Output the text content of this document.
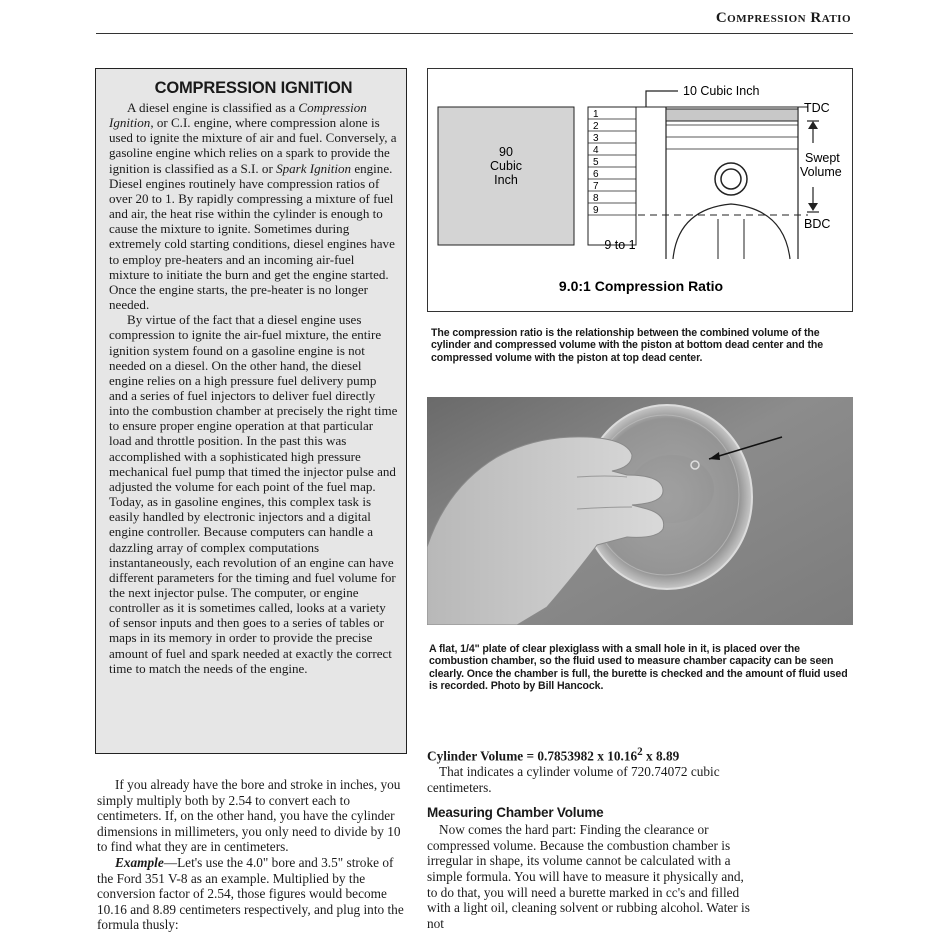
Compression Ratio
COMPRESSION IGNITION

A diesel engine is classified as a Compression Ignition, or C.I. engine, where compression alone is used to ignite the mixture of air and fuel. Conversely, a gasoline engine which relies on a spark to provide the ignition is classified as a S.I. or Spark Ignition engine. Diesel engines routinely have compression ratios of over 20 to 1. By rapidly compressing a mixture of fuel and air, the heat rise within the cylinder is enough to cause the mixture to ignite. Sometimes during extremely cold starting conditions, diesel engines have to employ pre-heaters and an incoming air-fuel mixture to initiate the burn and get the engine started. Once the engine starts, the pre-heater is no longer needed.

By virtue of the fact that a diesel engine uses compression to ignite the air-fuel mixture, the entire ignition system found on a gasoline engine is not needed on a diesel. On the other hand, the diesel engine relies on a high pressure fuel delivery pump and a series of fuel injectors to deliver fuel directly into the combustion chamber at precisely the right time to ensure proper engine operation at that particular load and throttle position. In the past this was accomplished with a sophisticated high pressure mechanical fuel pump that timed the injector pulse and adjusted the volume for each point of the fuel map. Today, as in gasoline engines, this complex task is easily handled by electronic injectors and a digital engine controller. Because computers can handle a dazzling array of complex computations instantaneously, each revolution of an engine can have different parameters for the timing and fuel volume for the next injector pulse. The computer, or engine controller as it is sometimes called, looks at a variety of sensor inputs and then goes to a series of tables or maps in its memory in order to provide the precise amount of fuel and spark needed at exactly the correct time to match the needs of the engine.

1
2
3
4
5
6
7
8
9
10 Cubic Inch
TDC
BDC
Swept
Volume
90
Cubic
Inch
9 to 1
9.0:1 Compression Ratio
The compression ratio is the relationship between the combined volume of the cylinder and compressed volume with the piston at bottom dead center and the compressed volume with the piston at top dead center.
A flat, 1/4" plate of clear plexiglass with a small hole in it, is placed over the combustion chamber, so the fluid used to measure chamber capacity can be seen clearly. Once the chamber is full, the burette is checked and the amount of fluid used is recorded. Photo by Bill Hancock.

If you already have the bore and stroke in inches, you simply multiply both by 2.54 to convert each to centimeters. If, on the other hand, you have the cylinder dimensions in millimeters, you only need to divide by 10 to find what they are in centimeters.

Example—Let's use the 4.0" bore and 3.5" stroke of the Ford 351 V-8 as an example. Multiplied by the conversion factor of 2.54, those figures would become 10.16 and 8.89 centimeters respectively, and plug into the formula thusly:

Cylinder Volume = 0.7853982 x 10.16$^2$ x 8.89

That indicates a cylinder volume of 720.74072 cubic centimeters.

Measuring Chamber Volume

Now comes the hard part: Finding the clearance or compressed volume. Because the combustion chamber is irregular in shape, its volume cannot be calculated with a simple formula. You will have to measure it physically and, to do that, you will need a burette marked in cc's and filled with a light oil, cleaning solvent or rubbing alcohol. Water is not
